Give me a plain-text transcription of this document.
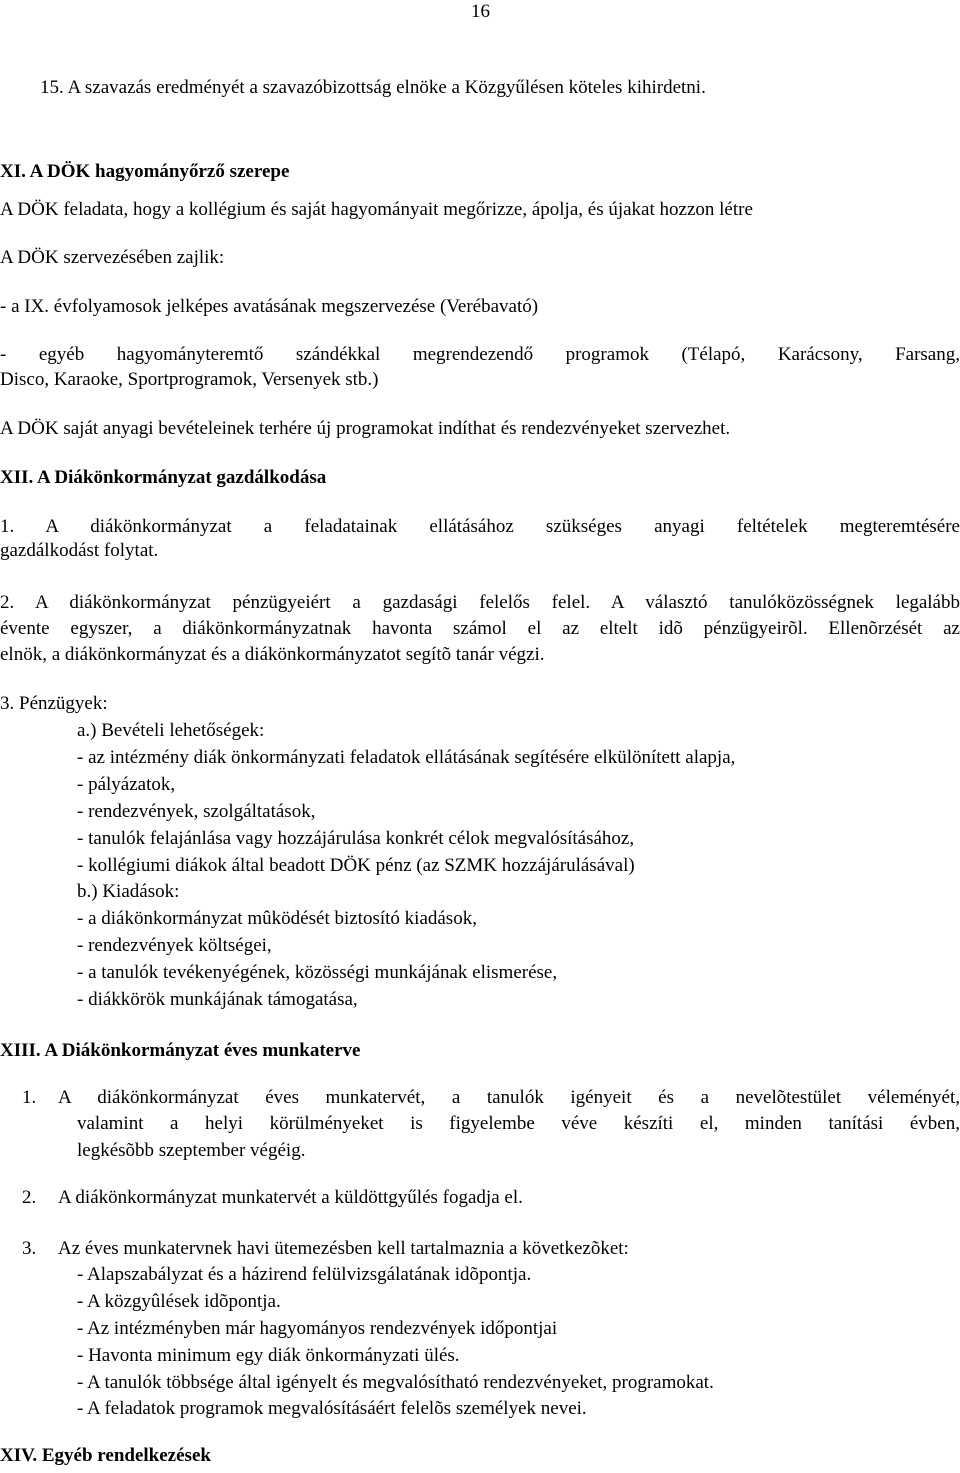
16
15. A szavazás eredményét a szavazóbizottság elnöke a Közgyűlésen köteles kihirdetni.
XI. A DÖK hagyományőrző szerepe
A DÖK feladata, hogy a kollégium és saját hagyományait megőrizze, ápolja, és újakat hozzon létre
A DÖK szervezésében zajlik:
- a IX. évfolyamosok jelképes avatásának megszervezése (Verébavató)
- egyéb hagyományteremtő szándékkal megrendezendő programok (Télapó, Karácsony, Farsang,
Disco, Karaoke, Sportprogramok, Versenyek stb.)
A DÖK saját anyagi bevételeinek terhére új programokat indíthat és rendezvényeket szervezhet.
XII. A Diákönkormányzat gazdálkodása
1. A diákönkormányzat a feladatainak ellátásához szükséges anyagi feltételek megteremtésére
gazdálkodást folytat.
2. A diákönkormányzat pénzügyeiért a gazdasági felelős felel. A választó tanulóközösségnek legalább
évente egyszer, a diákönkormányzatnak havonta számol el az eltelt idõ pénzügyeirõl. Ellenõrzését az
elnök, a diákönkormányzat és a diákönkormányzatot segítõ tanár végzi.
3. Pénzügyek:
a.) Bevételi lehetőségek:
- az intézmény diák önkormányzati feladatok ellátásának segítésére elkülönített alapja,
- pályázatok,
- rendezvények, szolgáltatások,
- tanulók felajánlása vagy hozzájárulása konkrét célok megvalósításához,
- kollégiumi diákok által beadott DÖK pénz (az SZMK hozzájárulásával)
b.) Kiadások:
- a diákönkormányzat mûködését biztosító kiadások,
- rendezvények költségei,
- a tanulók tevékenyégének, közösségi munkájának elismerése,
- diákkörök munkájának támogatása,
XIII. A Diákönkormányzat éves munkaterve
1. A diákönkormányzat éves munkatervét, a tanulók igényeit és a nevelõtestület véleményét,
valamint a helyi körülményeket is figyelembe véve készíti el, minden tanítási évben,
legkésõbb szeptember végéig.
2. A diákönkormányzat munkatervét a küldöttgyűlés fogadja el.
3. Az éves munkatervnek havi ütemezésben kell tartalmaznia a következõket:
- Alapszabályzat és a házirend felülvizsgálatának idõpontja.
- A közgyûlések idõpontja.
- Az intézményben már hagyományos rendezvények időpontjai
- Havonta minimum egy diák önkormányzati ülés.
- A tanulók többsége által igényelt és megvalósítható rendezvényeket, programokat.
- A feladatok programok megvalósításáért felelõs személyek nevei.
XIV. Egyéb rendelkezések
